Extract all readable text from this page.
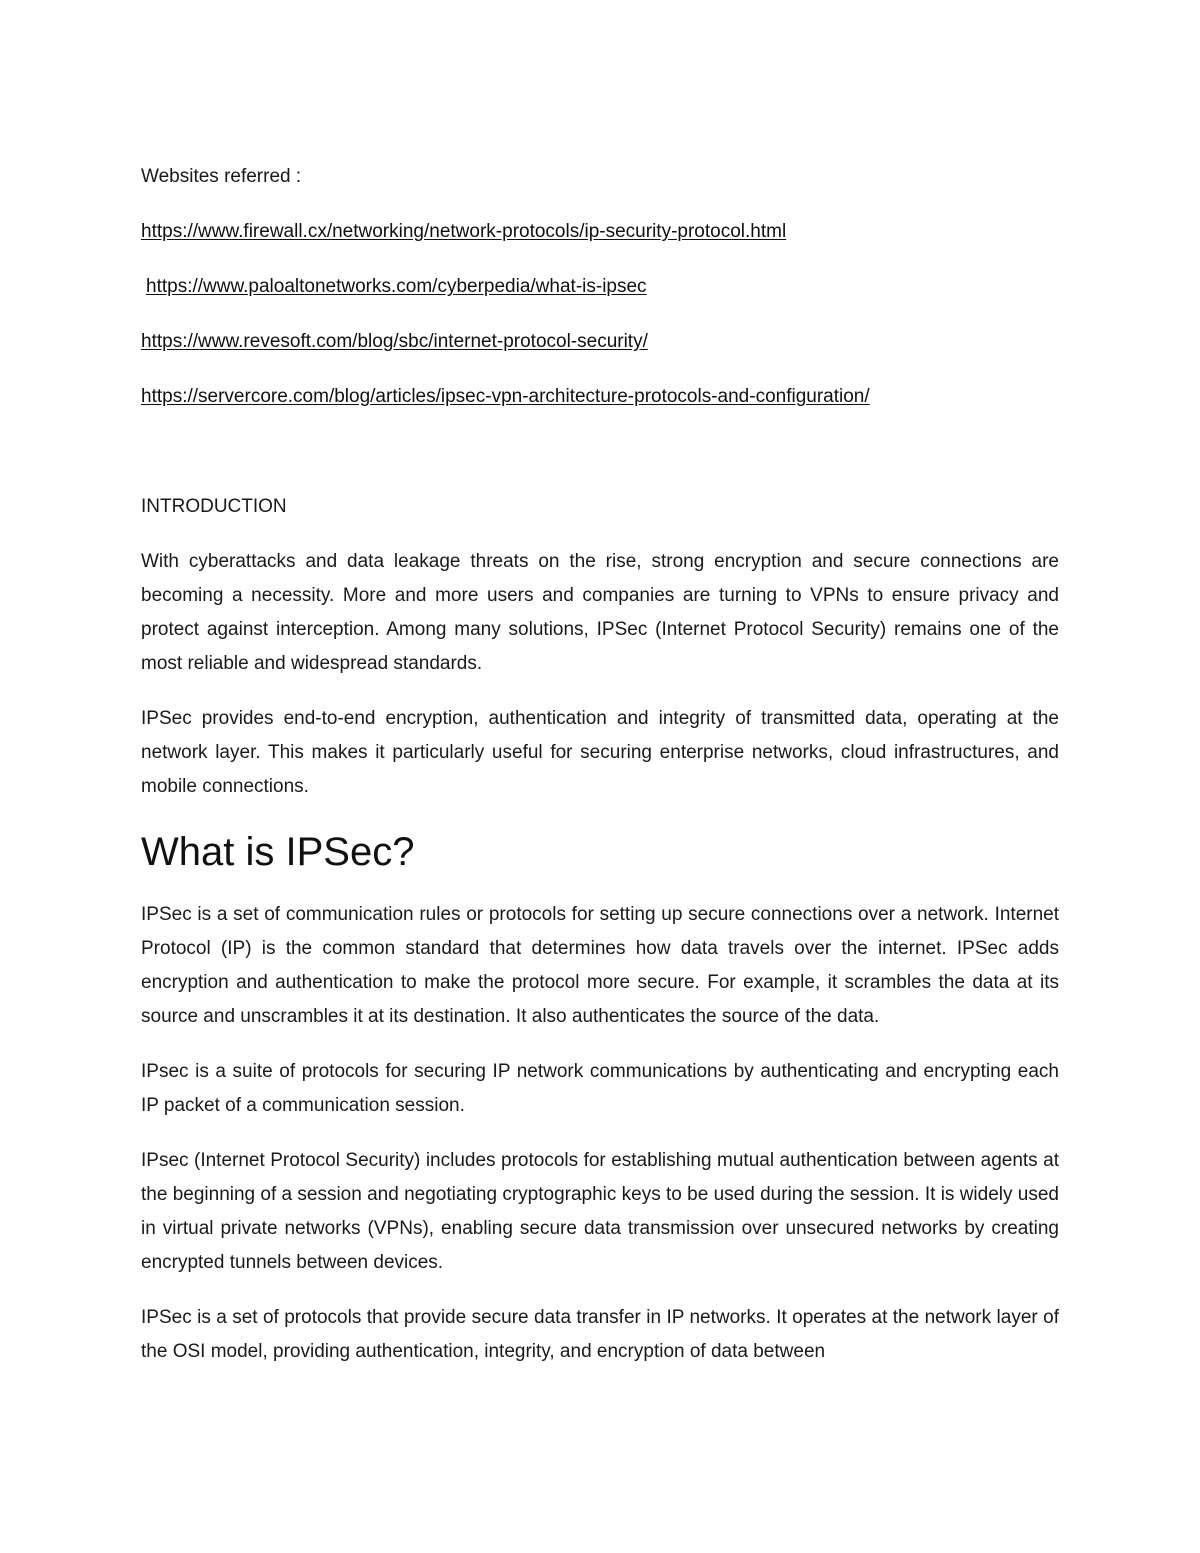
Websites referred :

https://www.firewall.cx/networking/network-protocols/ip-security-protocol.html
https://www.paloaltonetworks.com/cyberpedia/what-is-ipsec
https://www.revesoft.com/blog/sbc/internet-protocol-security/
https://servercore.com/blog/articles/ipsec-vpn-architecture-protocols-and-configuration/

INTRODUCTION

With cyberattacks and data leakage threats on the rise, strong encryption and secure connections are becoming a necessity. More and more users and companies are turning to VPNs to ensure privacy and protect against interception. Among many solutions, IPSec (Internet Protocol Security) remains one of the most reliable and widespread standards.

IPSec provides end-to-end encryption, authentication and integrity of transmitted data, operating at the network layer. This makes it particularly useful for securing enterprise networks, cloud infrastructures, and mobile connections.

What is IPSec?

IPSec is a set of communication rules or protocols for setting up secure connections over a network. Internet Protocol (IP) is the common standard that determines how data travels over the internet. IPSec adds encryption and authentication to make the protocol more secure. For example, it scrambles the data at its source and unscrambles it at its destination. It also authenticates the source of the data.

IPsec is a suite of protocols for securing IP network communications by authenticating and encrypting each IP packet of a communication session.

IPsec (Internet Protocol Security) includes protocols for establishing mutual authentication between agents at the beginning of a session and negotiating cryptographic keys to be used during the session. It is widely used in virtual private networks (VPNs), enabling secure data transmission over unsecured networks by creating encrypted tunnels between devices.

IPSec is a set of protocols that provide secure data transfer in IP networks. It operates at the network layer of the OSI model, providing authentication, integrity, and encryption of data between
